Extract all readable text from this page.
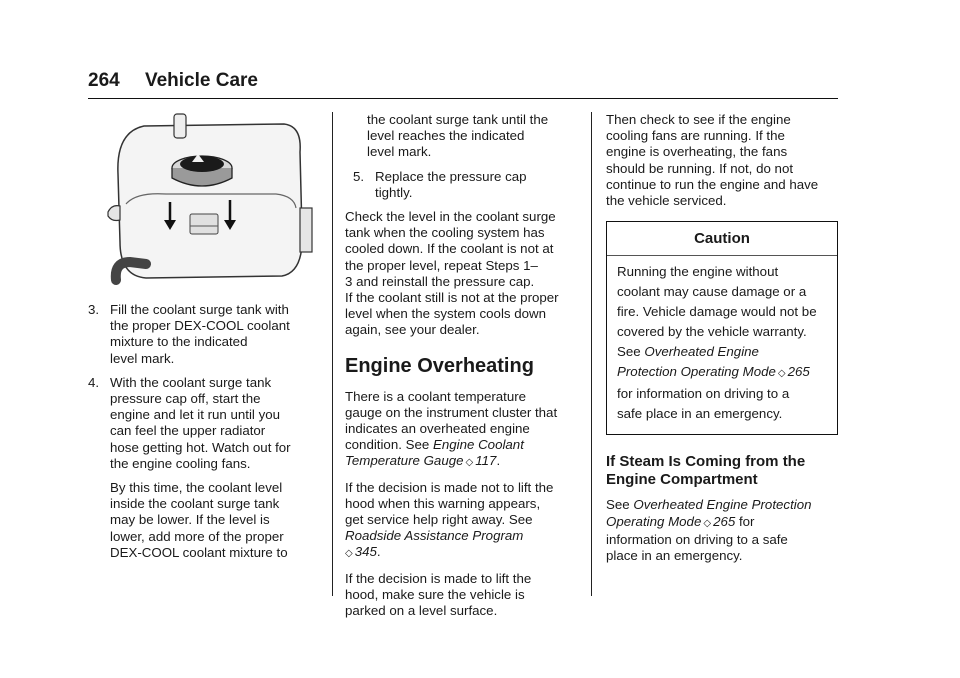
264 Vehicle Care
3. Fill the coolant surge tank with
the proper DEX-COOL coolant
mixture to the indicated
level mark.
4. With the coolant surge tank
pressure cap off, start the
engine and let it run until you
can feel the upper radiator
hose getting hot. Watch out for
the engine cooling fans.

By this time, the coolant level
inside the coolant surge tank
may be lower. If the level is
lower, add more of the proper
DEX-COOL coolant mixture to

the coolant surge tank until the
level reaches the indicated
level mark.

5. Replace the pressure cap
tightly.

Check the level in the coolant surge
tank when the cooling system has
cooled down. If the coolant is not at
the proper level, repeat Steps 1–
3 and reinstall the pressure cap.
If the coolant still is not at the proper
level when the system cools down
again, see your dealer.

Engine Overheating

There is a coolant temperature
gauge on the instrument cluster that
indicates an overheated engine
condition. See Engine Coolant
Temperature Gauge ◇ 117.

If the decision is made not to lift the
hood when this warning appears,
get service help right away. See
Roadside Assistance Program
◇ 345.

If the decision is made to lift the
hood, make sure the vehicle is
parked on a level surface.

Then check to see if the engine
cooling fans are running. If the
engine is overheating, the fans
should be running. If not, do not
continue to run the engine and have
the vehicle serviced.

Caution
Running the engine without
coolant may cause damage or a
fire. Vehicle damage would not be
covered by the vehicle warranty.
See Overheated Engine
Protection Operating Mode ◇ 265
for information on driving to a
safe place in an emergency.
If Steam Is Coming from the
Engine Compartment

See Overheated Engine Protection
Operating Mode ◇ 265 for
information on driving to a safe
place in an emergency.
